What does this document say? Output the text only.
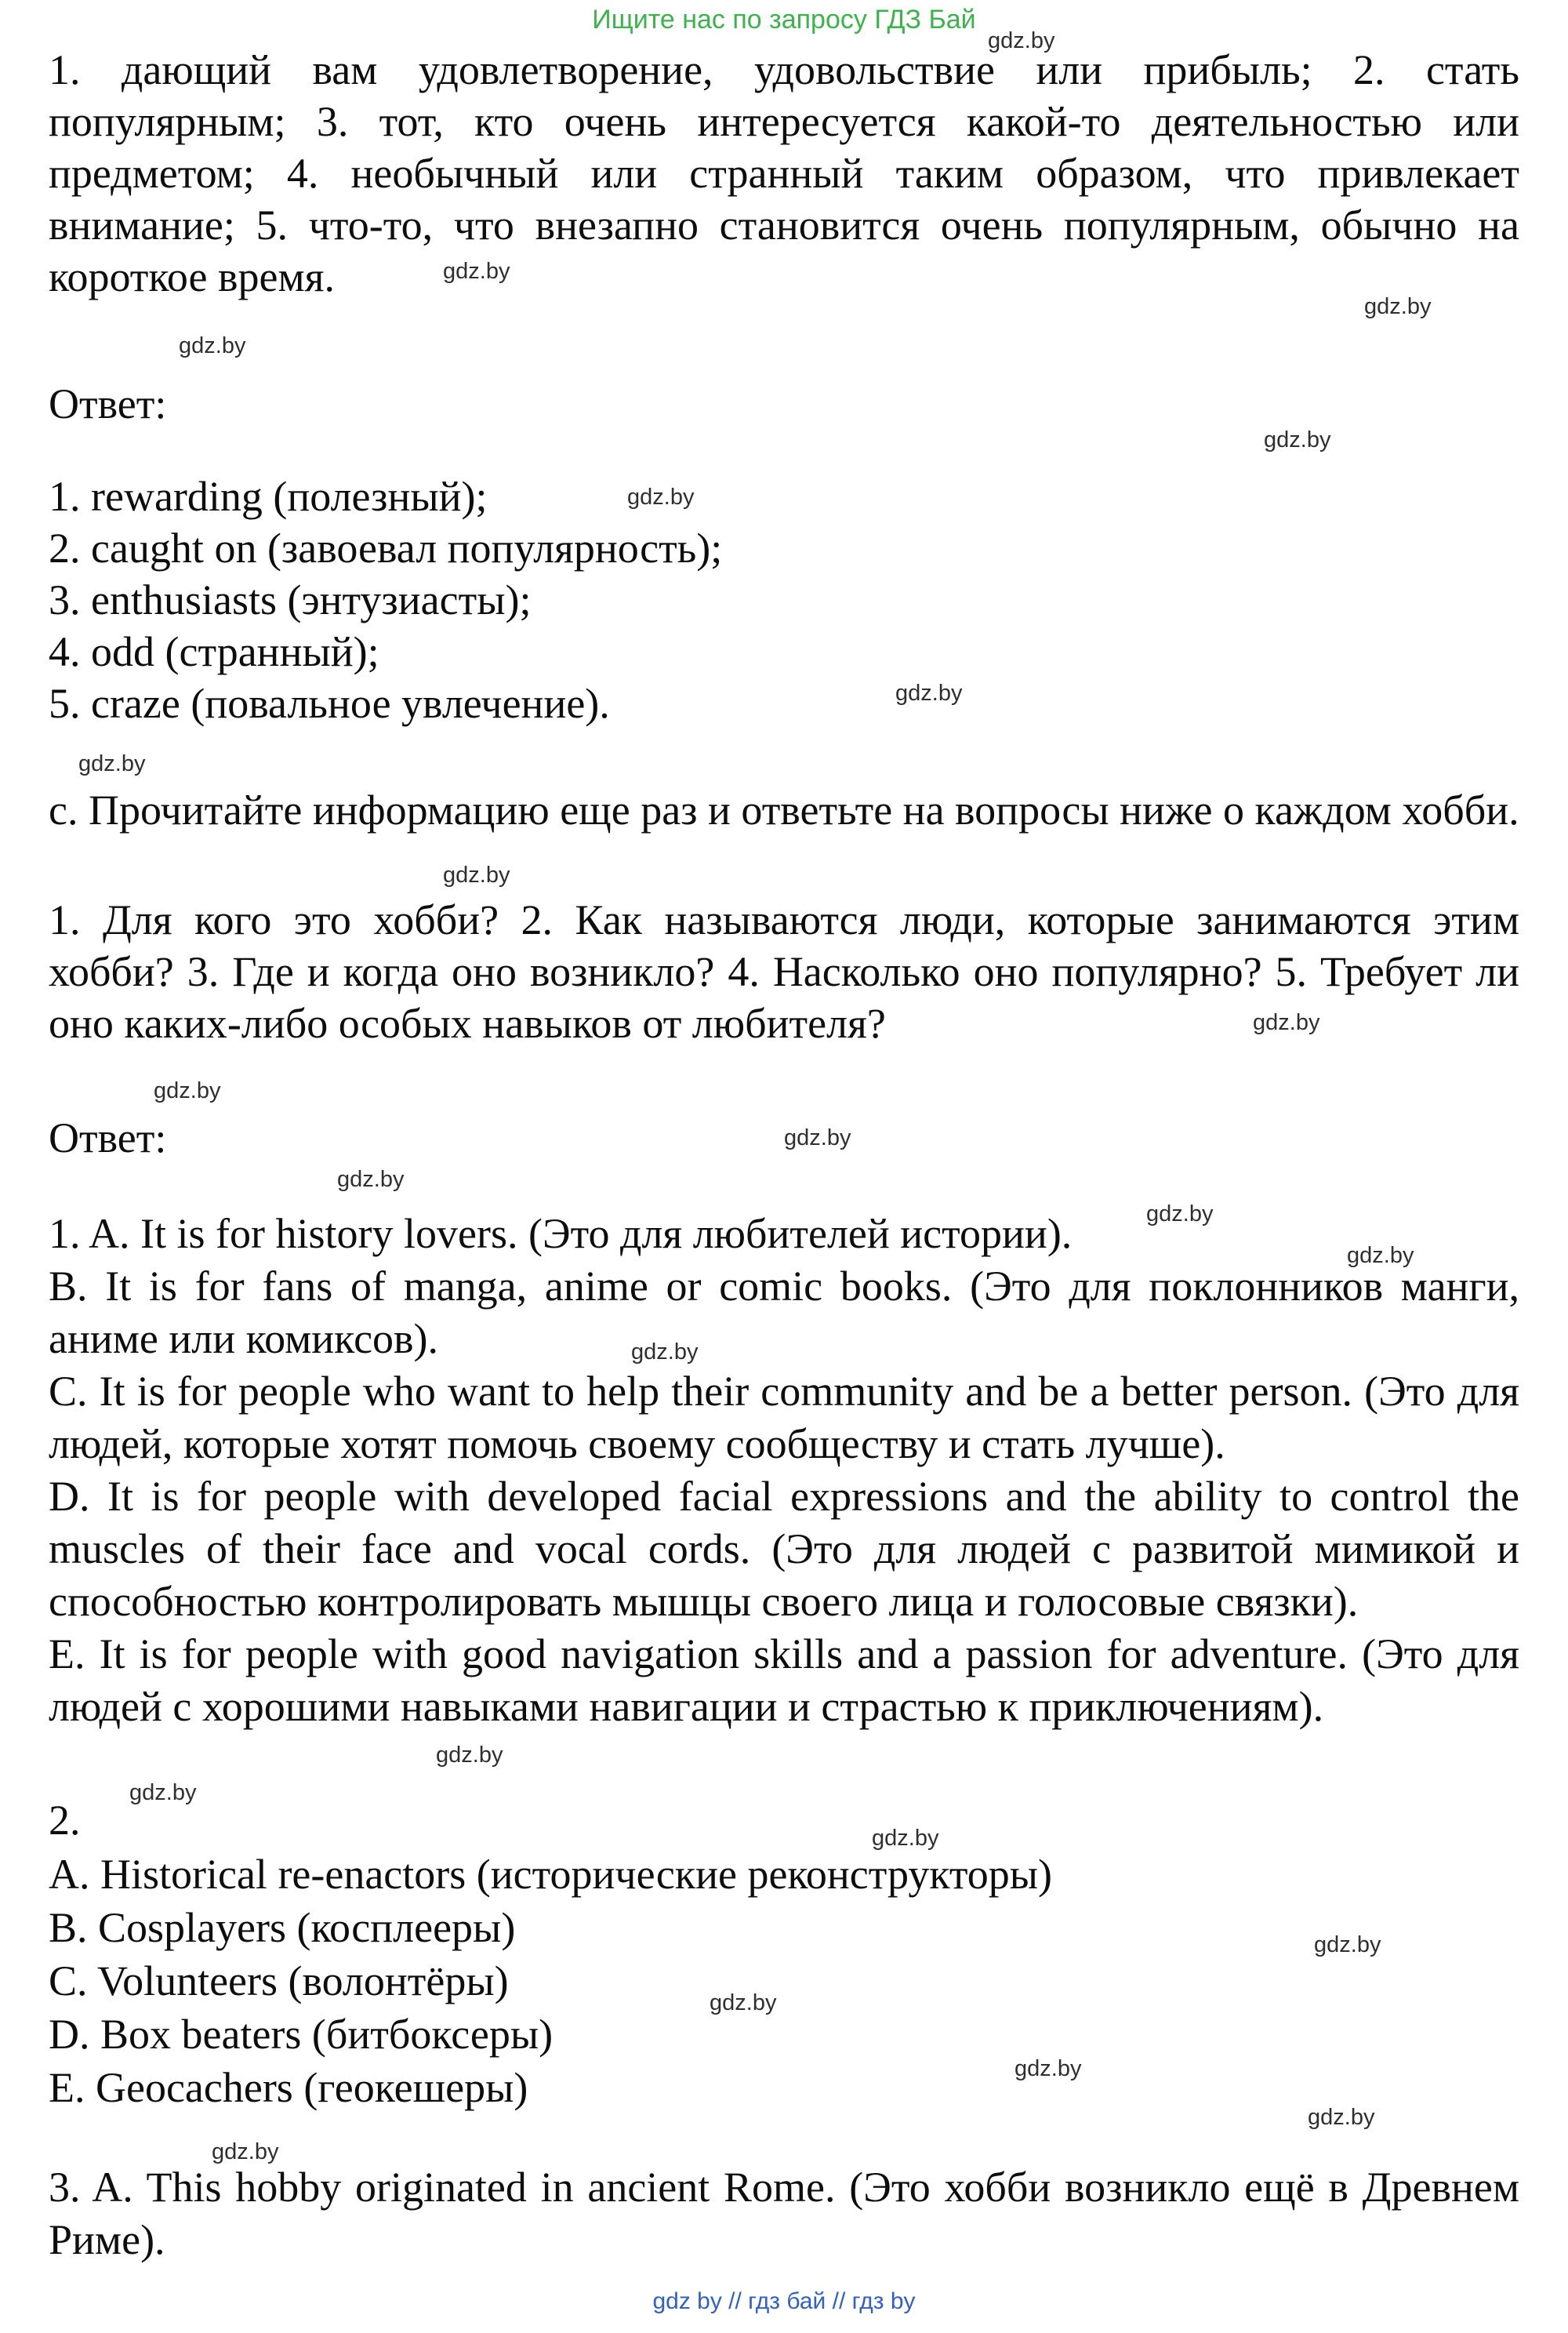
Ищите нас по запросу ГДЗ Бай

1. дающий вам удовлетворение, удовольствие или прибыль; 2. стать популярным; 3. тот, кто очень интересуется какой-то деятельностью или предметом; 4. необычный или странный таким образом, что привлекает внимание; 5. что-то, что внезапно становится очень популярным, обычно на короткое время.

Ответ:

1. rewarding (полезный);
2. caught on (завоевал популярность);
3. enthusiasts (энтузиасты);
4. odd (странный);
5. craze (повальное увлечение).

c. Прочитайте информацию еще раз и ответьте на вопросы ниже о каждом хобби.

1. Для кого это хобби? 2. Как называются люди, которые занимаются этим хобби? 3. Где и когда оно возникло? 4. Насколько оно популярно? 5. Требует ли оно каких-либо особых навыков от любителя?

Ответ:

1. A. It is for history lovers. (Это для любителей истории).

B. It is for fans of manga, anime or comic books. (Это для поклонников манги, аниме или комиксов).

C. It is for people who want to help their community and be a better person. (Это для людей, которые хотят помочь своему сообществу и стать лучше).

D. It is for people with developed facial expressions and the ability to control the muscles of their face and vocal cords. (Это для людей с развитой мимикой и способностью контролировать мышцы своего лица и голосовые связки).

E. It is for people with good navigation skills and a passion for adventure. (Это для людей с хорошими навыками навигации и страстью к приключениям).

2.

A. Historical re-enactors (исторические реконструкторы)
B. Cosplayers (косплееры)
C. Volunteers (волонтёры)
D. Box beaters (битбоксеры)
E. Geocachers (геокешеры)

3. A. This hobby originated in ancient Rome. (Это хобби возникло ещё в Древнем Риме).

gdz by // гдз бай // гдз by
gdz.by
gdz.by
gdz.by
gdz.by
gdz.by
gdz.by
gdz.by
gdz.by
gdz.by
gdz.by
gdz.by
gdz.by
gdz.by
gdz.by
gdz.by
gdz.by
gdz.by
gdz.by
gdz.by
gdz.by
gdz.by
gdz.by
gdz.by
gdz.by
